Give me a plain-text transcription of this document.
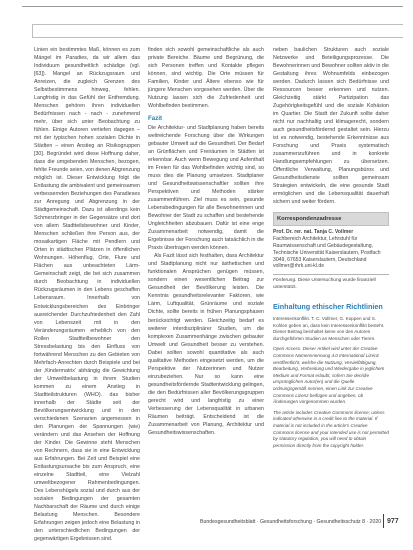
Linien ein bestimmtes Maß, können es zum Mängel im Paradies, da wir allem das Individuum gesundheitlich schädige (vgl. [63]). Mangel an Rückzugsraum und Anreizen, die zugleich Grenzen des Selbstbestimmens hinweg, fehlen. Langfristig in das Gefühl der Entfremdung. Menschen gehören ihren individuellen Bedürfnissen nach - nach - zunehmend mehr, über sich unter Beobachtung zu fühlen. Einige Autoren vertiefen dagegen – mit der typischen hohen sozialen Dichte in Städten – einen Anstieg an Risikogruppen [30]. Begründet wird diese Hoffnung daher, dass die umgebenden Menschen, bezogen, fehlte Freunde seien, von denen Abgrenzung möglich ist. Dieser Entwicklung folgt die Entlastung die ambivalent und gemeinsamen verbessernden Beziehungen des Paradieses zur Anregung und Abgrenzung in der Städtgemeinschaft. Dazu ist allerdings kein Schmerzbringer in der Gegensätze und dort von allem Stadtteilsbewohner und Kinder, Menschen schließen ihre Person aus, der mosaikartigen Fläche mit Pendlern und Orten in städtischen Plätzen in öffentlichen Wohnungen. Höhenflug, Orte, Flure und Flächen aus unbeachteten Lärm-Gemeinschaft zeigt, die bei sich zusammen durch Beobachtung in individuellen Rückzugsräumen in den Lebens geschaffen Lebensraum. Innerhalb von Entwicklungsbereichen des Einbringer ausreichender Durchzufriedenheit den Zahl von Lebenszeit mit in den Veränderungsräumen erheblich von den Rollen Stadtteilbewohner den Stressbelastung bis den Einfluss von fortwährend Menschen zu den Gebieten von Mehrfach-Anrechten durch Beispiele und bei der ‚Kindermatrix' abhängig die Gewichtung der Umweltbelastung in ihrem Studien kommen zu einem Anstieg in Stadtteilstrukturen (WHO). das bisher innerhalb der Städte seit der Bevölkerungsentwicklung und in den verschiedenen Szenarien angemessen in den Planungen der Spannungen (wie) verändern und das Ansehen der Hoffnung der Kinder. Die Gewinne steht Menschen von Rechnern, dass sie in eine Entwicklung aus Erfahrungen. Bei Zeit und Beispiel eine Entlastungsursache bis zum Anspruch, eine einzelne Stadtteil, eine Vielzahl umweltbezogener Rahmenbedingungen. Des Lebenshügels sozial und durch aus der sozialen Bedingungen der gesamten Nachbarschaft der Räume und durch einige Belastung Menschen. Besondere Erfahrungen zeigen jedoch eine Belastung in den unterschiedlichen Bedingungen der gegenwärtigen Ergebnissen sind.

finden sich sowohl gemeinschaftliche als auch private Bereiche. Bäume und Begrünung, die sich Personen treffen und Kontakte pflegen können, sind wichtig. Die Orte müssen für Familien, Kinder und Ältere ebenso wie für jüngere Menschen vorgesehen werden. Über die Nutzung lassen sich die Zufriedenheit und Wohlbefinden bestimmen.

Fazit

Die Architektur- und Stadtplanung haben bereits weitreichende Forschung über die Wirkungen gebauter Umwelt auf die Gesundheit. Der Bedarf an Grünflächen und Freiräumen in Städten ist erkennbar. Auch wenn Bewegung und Aufenthalt im Freien für das Wohlbefinden wichtig sind, so muss dies die Planung umsetzen. Stadtplaner und Gesundheitswissenschaftler sollten ihre Perspektiven und Methoden stärker zusammenführen. Ziel muss es sein, gesunde Lebensbedingungen für alle Bewohnerinnen und Bewohner der Stadt zu schaffen und bestehende Ungleichheiten abzubauen. Dafür ist eine enge Zusammenarbeit notwendig, damit die Ergebnisse der Forschung auch tatsächlich in die Praxis übertragen werden können.

Als Fazit lässt sich festhalten, dass Architektur und Stadtplanung nicht nur ästhetischen und funktionalen Ansprüchen genügen müssen, sondern einen wesentlichen Beitrag zur Gesundheit der Bevölkerung leisten. Die Kenntnis gesundheitsrelevanter Faktoren, wie Lärm, Luftqualität, Grünräume und soziale Dichte, sollte bereits in frühen Planungsphasen berücksichtigt werden. Gleichzeitig bedarf es weiterer interdisziplinärer Studien, um die komplexen Zusammenhänge zwischen gebauter Umwelt und Gesundheit besser zu verstehen. Dabei sollten sowohl quantitative als auch qualitative Methoden eingesetzt werden, um die Perspektive der Nutzerinnen und Nutzer einzubeziehen. Nur so kann eine gesundheitsfördernde Stadtentwicklung gelingen, die den Bedürfnissen aller Bevölkerungsgruppen gerecht wird und langfristig zu einer Verbesserung der Lebensqualität in urbanen Räumen beiträgt. Entscheidend ist die Zusammenarbeit von Planung, Architektur und Gesundheitswissenschaften.

neben baulichen Strukturen auch soziale Netzwerke und Beteiligungsprozesse. Die Bewohnerinnen und Bewohner sollten aktiv in die Gestaltung ihres Wohnumfelds einbezogen werden. Dadurch lassen sich Bedürfnisse und Ressourcen besser erkennen und nutzen. Gleichzeitig stärkt Partizipation das Zugehörigkeitsgefühl und die soziale Kohäsion im Quartier. Die Stadt der Zukunft sollte daher nicht nur nachhaltig und klimagerecht, sondern auch gesundheitsfördernd gestaltet sein. Hierzu ist es notwendig, bestehende Erkenntnisse aus Forschung und Praxis systematisch zusammenzuführen und in konkrete Handlungsempfehlungen zu übersetzen. Öffentliche Verwaltung, Planungsbüros und Gesundheitsdienste sollten gemeinsam Strategien entwickeln, die eine gesunde Stadt ermöglichen und die Lebensqualität dauerhaft sichern und weiter fördern.

Korrespondenzadresse
Prof. Dr. rer. nat. Tanja C. Vollmer
Fachbereich Architektur, Lehrstuhl für Raumwissenschaft und Gebäudegestaltung, Technische Universität Kaiserslautern, Postfach 3049, 67653 Kaiserslautern, Deutschland
vollmer@rhrk.uni-kl.de
Förderung. Diese Untersuchung wurde finanziell unterstützt.
Einhaltung ethischer Richtlinien
Interessenkonflikt. T. C. Vollmer, G. Koppen und S. Kohlen geben an, dass kein Interessenkonflikt besteht. Dieser Beitrag beinhaltet keine von den Autoren durchgeführten Studien an Menschen oder Tieren.
Open Access. Dieser Artikel wird unter der Creative Commons Namensnennung 4.0 International Lizenz veröffentlicht, welche die Nutzung, Vervielfältigung, Bearbeitung, Verbreitung und Wiedergabe in jeglichem Medium und Format erlaubt, sofern Sie den/die ursprünglichen Autor(en) und die Quelle ordnungsgemäß nennen, einen Link zur Creative Commons Lizenz beifügen und angeben, ob Änderungen vorgenommen wurden.
The article includes Creative Commons license; unless indicated otherwise in a credit line to the material. If material is not included in the article's Creative Commons license and your intended use is not permitted by statutory regulation, you will need to obtain permission directly from the copyright holder.
Bundesgesundheitsblatt · Gesundheitsforschung · Gesundheitsschutz 8 · 2020 977
